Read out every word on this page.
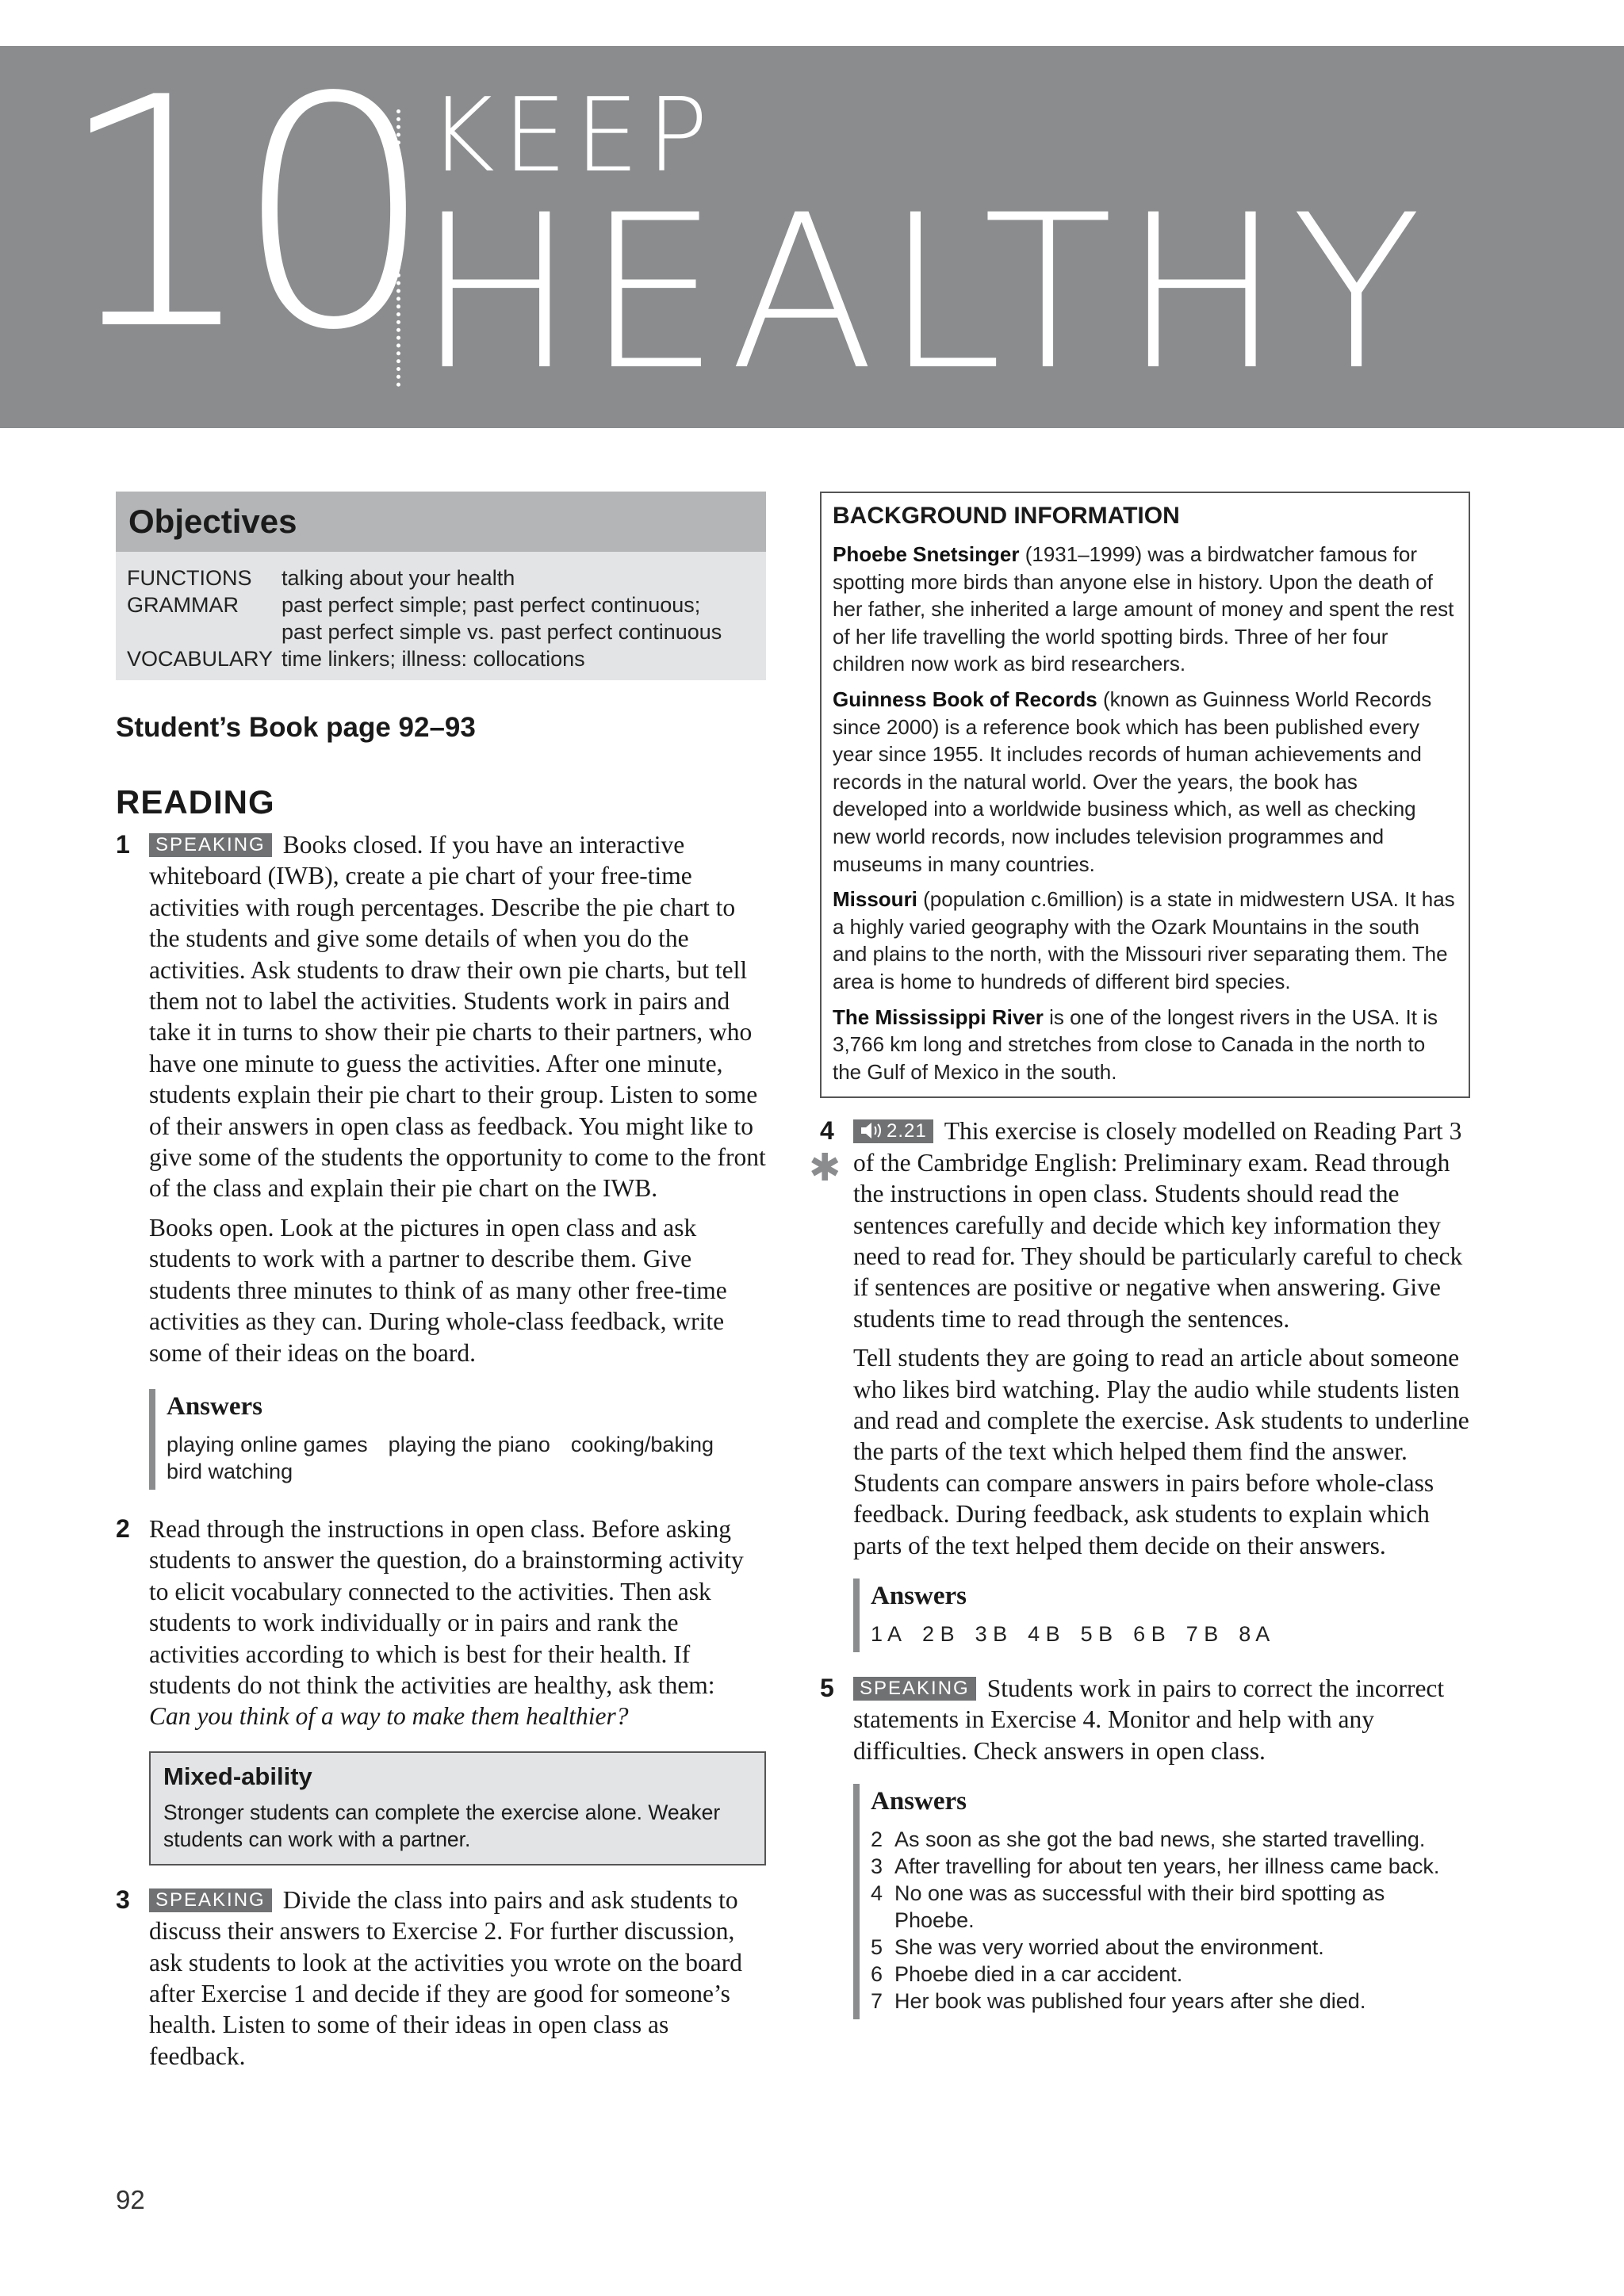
10 KEEP
HEALTHY
Objectives
FUNCTIONS	talking about your health
GRAMMAR	past perfect simple; past perfect continuous;
past perfect simple vs. past perfect continuous
VOCABULARY time linkers; illness: collocations
Student’s Book page 92–93
READING
1	SPEAKING Books closed. If you have an interactive whiteboard (IWB), create a pie chart of your free-time activities with rough percentages. Describe the pie chart to the students and give some details of when you do the activities. Ask students to draw their own pie charts, but tell them not to label the activities. Students work in pairs and take it in turns to show their pie charts to their partners, who have one minute to guess the activities. After one minute, students explain their pie chart to their group. Listen to some of their answers in open class as feedback. You might like to give some of the students the opportunity to come to the front of the class and explain their pie chart on the IWB.

Books open. Look at the pictures in open class and ask students to work with a partner to describe them. Give students three minutes to think of as many other free-time activities as they can. During whole-class feedback, write some of their ideas on the board.

Answers
playing online games playing the piano cooking/baking
bird watching
2 Read through the instructions in open class. Before asking students to answer the question, do a brainstorming activity to elicit vocabulary connected to the activities. Then ask students to work individually or in pairs and rank the activities according to which is best for their health. If students do not think the activities are healthy, ask them:
Can you think of a way to make them healthier?

Mixed-ability
Stronger students can complete the exercise alone. Weaker students can work with a partner.
3	SPEAKING Divide the class into pairs and ask students to discuss their answers to Exercise 2. For further discussion, ask students to look at the activities you wrote on the board after Exercise 1 and decide if they are good for someone’s health. Listen to some of their ideas in open class as feedback.

BACKGROUND INFORMATION
Phoebe Snetsinger (1931–1999) was a birdwatcher famous for spotting more birds than anyone else in history. Upon the death of her father, she inherited a large amount of money and spent the rest of her life travelling the world spotting birds. Three of her four children now work as bird researchers.
Guinness Book of Records (known as Guinness World Records since 2000) is a reference book which has been published every year since 1955. It includes records of human achievements and records in the natural world. Over the years, the book has developed into a worldwide business which, as well as checking new world records, now includes television programmes and museums in many countries.
Missouri (population c.6million) is a state in midwestern USA. It has a highly varied geography with the Ozark Mountains in the south and plains to the north, with the Missouri river separating them. The area is home to hundreds of different bird species.
The Mississippi River is one of the longest rivers in the USA. It is 3,766 km long and stretches from close to Canada in the north to the Gulf of Mexico in the south.
4
✱

2.21 This exercise is closely modelled on Reading Part 3 of the Cambridge English: Preliminary exam. Read through the instructions in open class. Students should read the sentences carefully and decide which key information they need to read for. They should be particularly careful to check if sentences are positive or negative when answering. Give students time to read through the sentences.

Tell students they are going to read an article about someone who likes bird watching. Play the audio while students listen and read and complete the exercise. Ask students to underline the parts of the text which helped them find the answer. Students can compare answers in pairs before whole-class feedback. During feedback, ask students to explain which parts of the text helped them decide on their answers.

Answers
1 A 2 B 3 B 4 B 5 B 6 B 7 B 8 A
5	SPEAKING Students work in pairs to correct the incorrect statements in Exercise 4. Monitor and help with any difficulties. Check answers in open class.

Answers
2 As soon as she got the bad news, she started travelling.
3 After travelling for about ten years, her illness came back.
4 No one was as successful with their bird spotting as Phoebe.
5 She was very worried about the environment.
6 Phoebe died in a car accident.
7 Her book was published four years after she died.
92
